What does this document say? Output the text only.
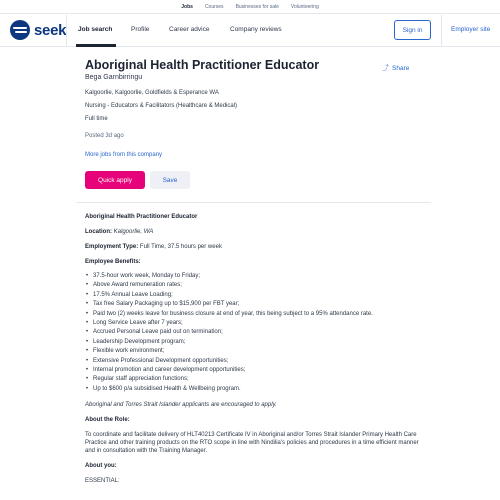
Jobs Courses Businesses for sale Volunteering
seek Job search	Profile	Career advice	Company reviews	Sign in	Employer site
Aboriginal Health Practitioner Educator	⤴ Share
Bega Garnbirringu
Kalgoorlie, Kalgoorlie, Goldfields & Esperance WA
Nursing - Educators & Facilitators (Healthcare & Medical)
Full time
Posted 3d ago
More jobs from this company
Quick apply	Save

Aboriginal Health Practitioner Educator

Location: Kalgoorlie, WA

Employment Type: Full Time, 37.5 hours per week

Employee Benefits:

• 37.5-hour work week, Monday to Friday;
• Above Award remuneration rates;
• 17.5% Annual Leave Loading;
• Tax free Salary Packaging up to $15,900 per FBT year;
• Paid two (2) weeks leave for business closure at end of year, this being subject to a 95% attendance rate.
• Long Service Leave after 7 years;
• Accrued Personal Leave paid out on termination;
• Leadership Development program;
• Flexible work environment;
• Extensive Professional Development opportunities;
• Internal promotion and career development opportunities;
• Regular staff appreciation functions;
• Up to $600 p/a subsidised Health & Wellbeing program.

Aboriginal and Torres Strait Islander applicants are encouraged to apply.

About the Role:

To coordinate and facilitate delivery of HLT40213 Certificate IV in Aboriginal and/or Torres Strait Islander Primary Health Care Practice and other training products on the RTO scope in line with Nindilia's policies and procedures in a time efficient manner and in consultation with the Training Manager.

About you:

ESSENTIAL:
